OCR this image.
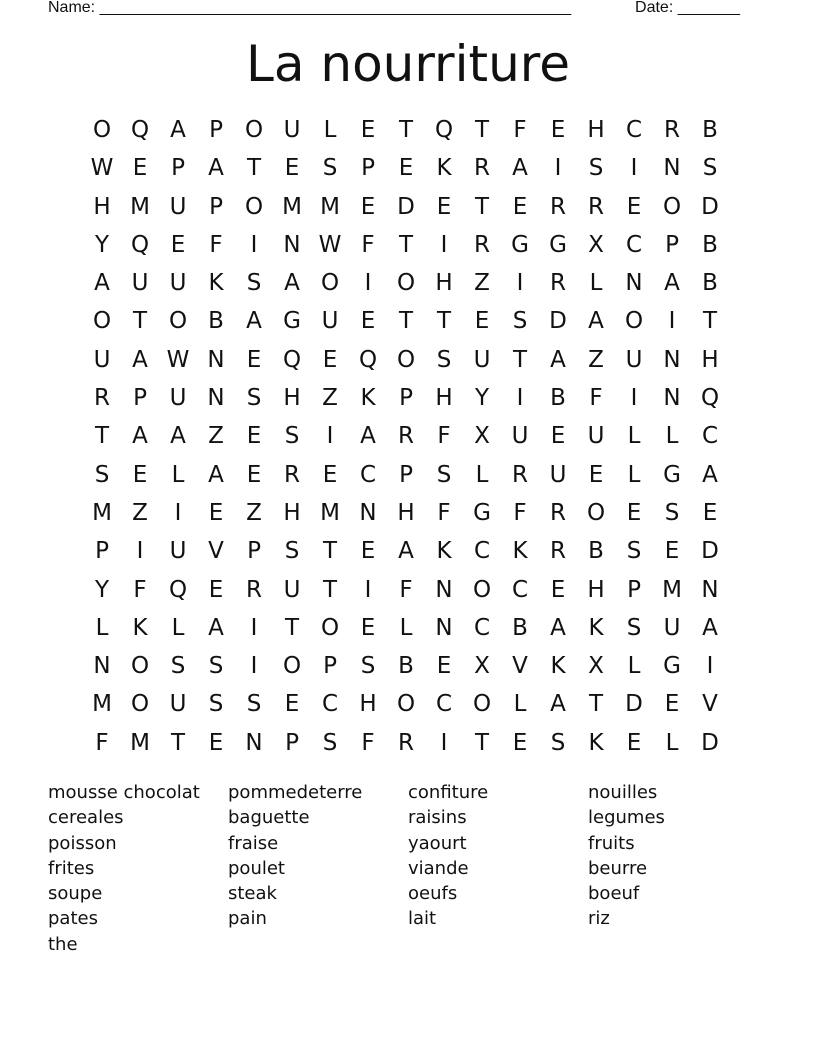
Name: _____________________________________________________	Date: _______
La nourriture
O Q A	P O U	L	E	T Q T	F	E H C R B
W E	P	A	T	E	S	P	E	K R A	I	S	I	N S
H M U P O M M E D E	T	E R R E O D
Y Q E	F	I	N W F	T	I	R G G X C	P	B
A U U K	S A O	I	O H Z	I	R	L N A B
O T O B A G U E	T	T	E	S D A O	I	T
U A W N E Q E Q O S U T	A Z U N H
R	P U N S H Z K	P H Y	I	B	F	I	N Q
T	A A Z E	S	I	A R	F	X U E U	L	L	C
S	E	L	A E R E C	P	S	L	R U E	L G A
M Z	I	E Z H M N H F G F	R O E	S	E
P	I	U V	P	S	T	E A K C K R B S	E D
Y	F Q E R U T	I	F N O C E H P M N
L	K	L	A	I	T O E	L N C B A K	S U A
N O S	S	I	O P	S B E X V K X	L G	I
M O U S	S	E C H O C O L	A	T D E V
F M T	E N P	S	F	R	I	T	E	S	K	E	L D
mousse chocolat
cereales
poisson
frites
soupe
pates
the
pommedeterre
baguette
fraise
poulet
steak
pain
confiture
raisins
yaourt
viande
oeufs
lait
nouilles
legumes
fruits
beurre
boeuf
riz
